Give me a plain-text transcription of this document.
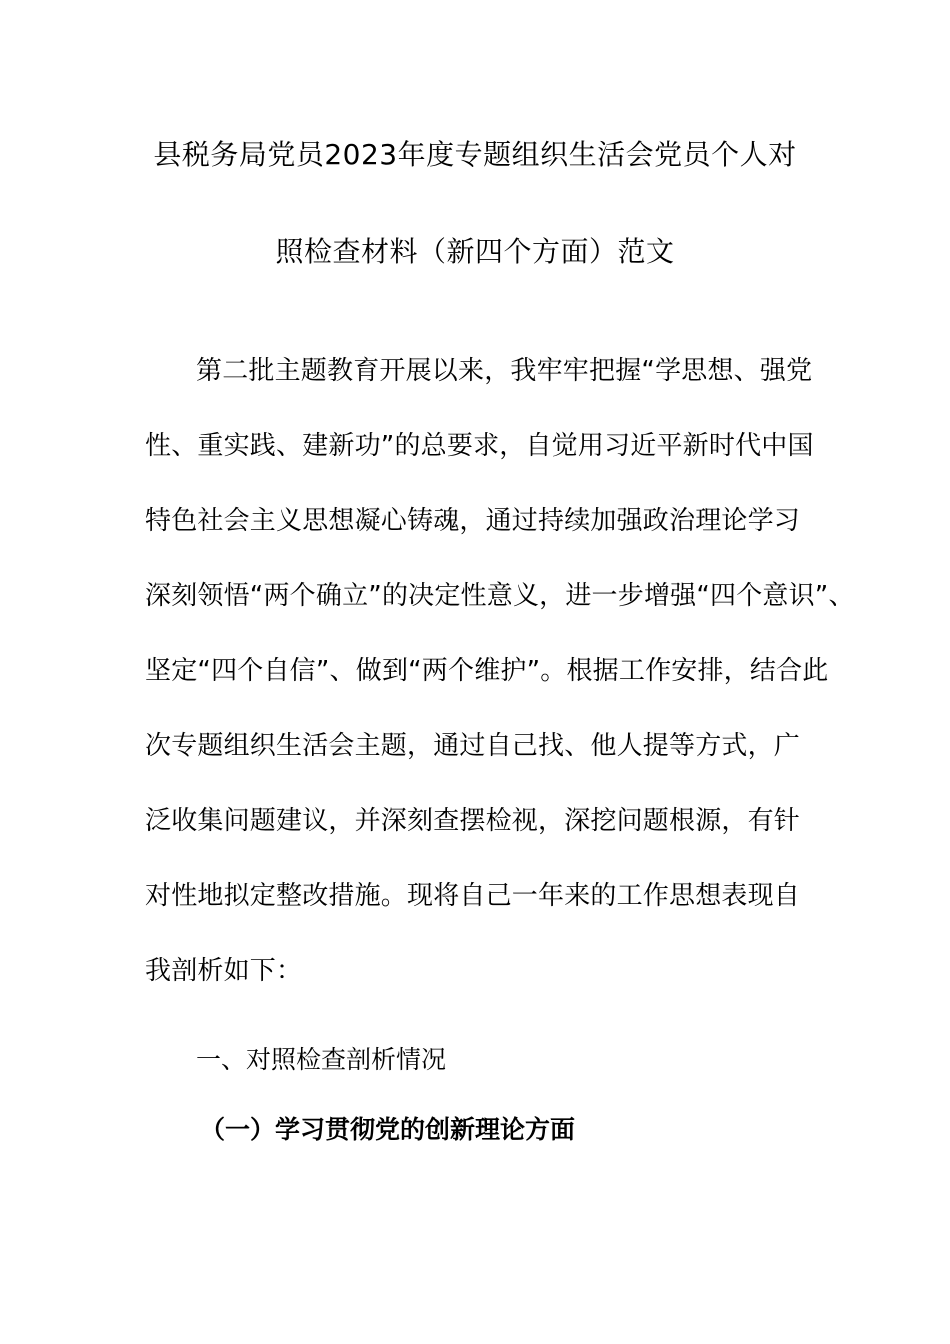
县税务局党员2023年度专题组织生活会党员个人对
照检查材料（新四个方面）范文
第二批主题教育开展以来，我牢牢把握“学思想、强党
性、重实践、建新功”的总要求，自觉用习近平新时代中国
特色社会主义思想凝心铸魂，通过持续加强政治理论学习
深刻领悟“两个确立”的决定性意义，进一步增强“四个意识”、
坚定“四个自信”、做到“两个维护”。根据工作安排，结合此
次专题组织生活会主题，通过自己找、他人提等方式，广
泛收集问题建议，并深刻查摆检视，深挖问题根源，有针
对性地拟定整改措施。现将自己一年来的工作思想表现自
我剖析如下：
一、对照检查剖析情况
（一）学习贯彻党的创新理论方面
